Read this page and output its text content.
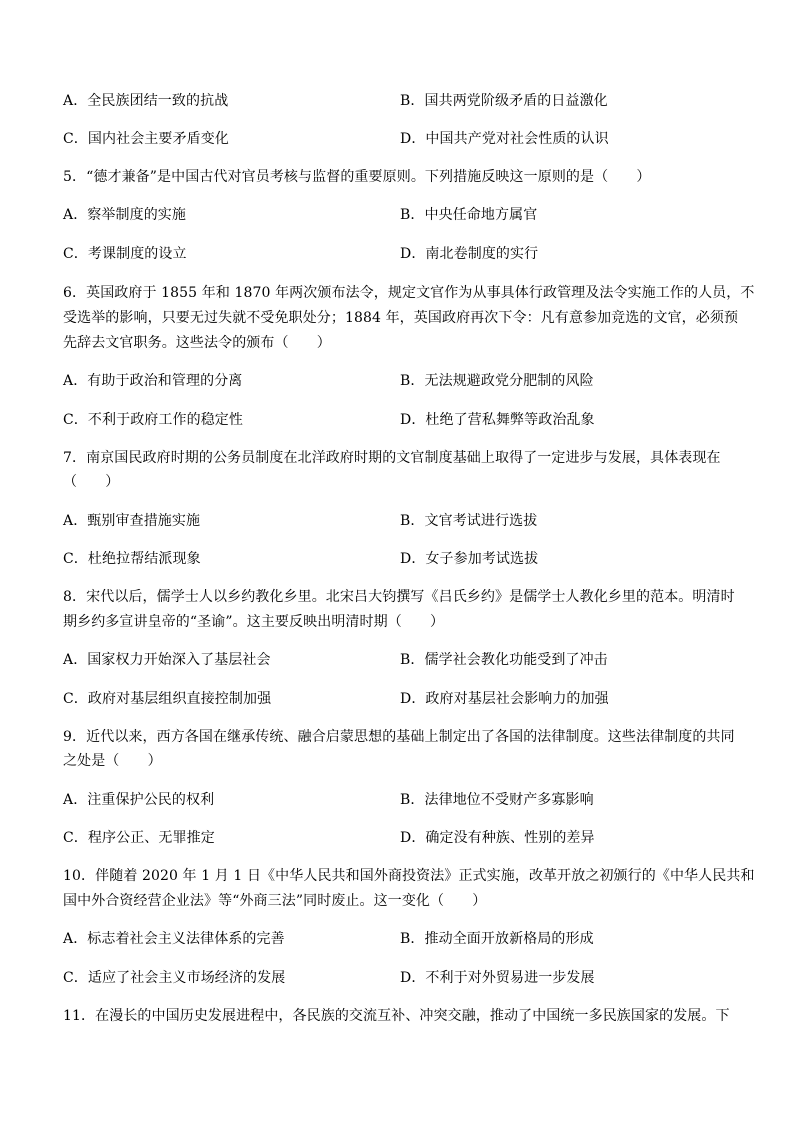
A．全民族团结一致的抗战	B．国共两党阶级矛盾的日益激化
C．国内社会主要矛盾变化	D．中国共产党对社会性质的认识
5．“德才兼备”是中国古代对官员考核与监督的重要原则。下列措施反映这一原则的是（　　）
A．察举制度的实施	B．中央任命地方属官
C．考课制度的设立	D．南北卷制度的实行
6．英国政府于 1855 年和 1870 年两次颁布法令，规定文官作为从事具体行政管理及法令实施工作的人员，不
受选举的影响，只要无过失就不受免职处分；1884 年，英国政府再次下令：凡有意参加竞选的文官，必须预
先辞去文官职务。这些法令的颁布（　　）
A．有助于政治和管理的分离	B．无法规避政党分肥制的风险
C．不利于政府工作的稳定性	D．杜绝了营私舞弊等政治乱象
7．南京国民政府时期的公务员制度在北洋政府时期的文官制度基础上取得了一定进步与发展，具体表现在
（　　）
A．甄别审查措施实施	B．文官考试进行选拔
C．杜绝拉帮结派现象	D．女子参加考试选拔
8．宋代以后，儒学士人以乡约教化乡里。北宋吕大钧撰写《吕氏乡约》是儒学士人教化乡里的范本。明清时
期乡约多宣讲皇帝的“圣谕”。这主要反映出明清时期（　　）
A．国家权力开始深入了基层社会	B．儒学社会教化功能受到了冲击
C．政府对基层组织直接控制加强	D．政府对基层社会影响力的加强
9．近代以来，西方各国在继承传统、融合启蒙思想的基础上制定出了各国的法律制度。这些法律制度的共同
之处是（　　）
A．注重保护公民的权利	B．法律地位不受财产多寡影响
C．程序公正、无罪推定	D．确定没有种族、性别的差异
10．伴随着 2020 年 1 月 1 日《中华人民共和国外商投资法》正式实施，改革开放之初颁行的《中华人民共和
国中外合资经营企业法》等“外商三法”同时废止。这一变化（　　）
A．标志着社会主义法律体系的完善	B．推动全面开放新格局的形成
C．适应了社会主义市场经济的发展	D．不利于对外贸易进一步发展
11．在漫长的中国历史发展进程中，各民族的交流互补、冲突交融，推动了中国统一多民族国家的发展。下
